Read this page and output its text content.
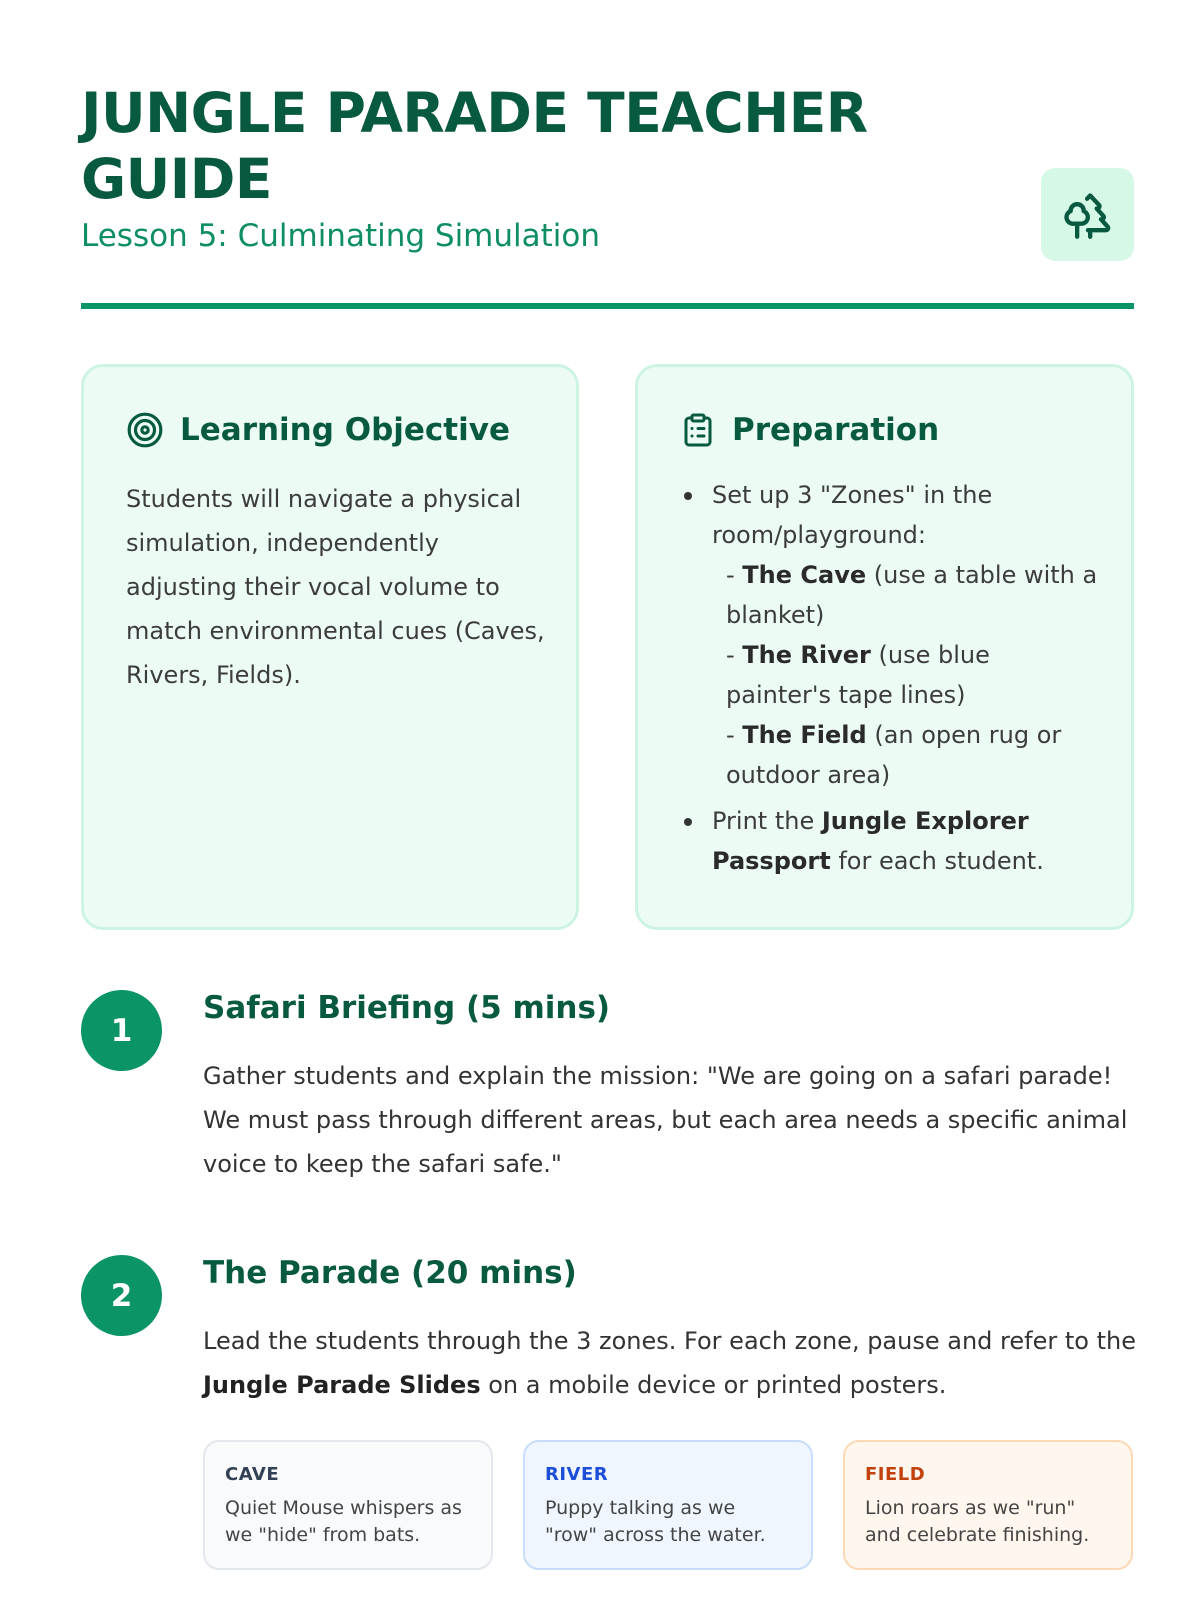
JUNGLE PARADE TEACHER GUIDE
Lesson 5: Culminating Simulation
Learning Objective

Students will navigate a physical simulation, independently adjusting their vocal volume to match environmental cues (Caves, Rivers, Fields).

Preparation
Set up 3 "Zones" in the room/playground:
- The Cave (use a table with a blanket)
- The River (use blue painter's tape lines)
- The Field (an open rug or outdoor area)
Print the Jungle Explorer Passport for each student.
1
Safari Briefing (5 mins)

Gather students and explain the mission: "We are going on a safari parade! We must pass through different areas, but each area needs a specific animal voice to keep the safari safe."

2
The Parade (20 mins)

Lead the students through the 3 zones. For each zone, pause and refer to the Jungle Parade Slides on a mobile device or printed posters.

CAVE
Quiet Mouse whispers as we "hide" from bats.
RIVER
Puppy talking as we "row" across the water.
FIELD
Lion roars as we "run" and celebrate finishing.
